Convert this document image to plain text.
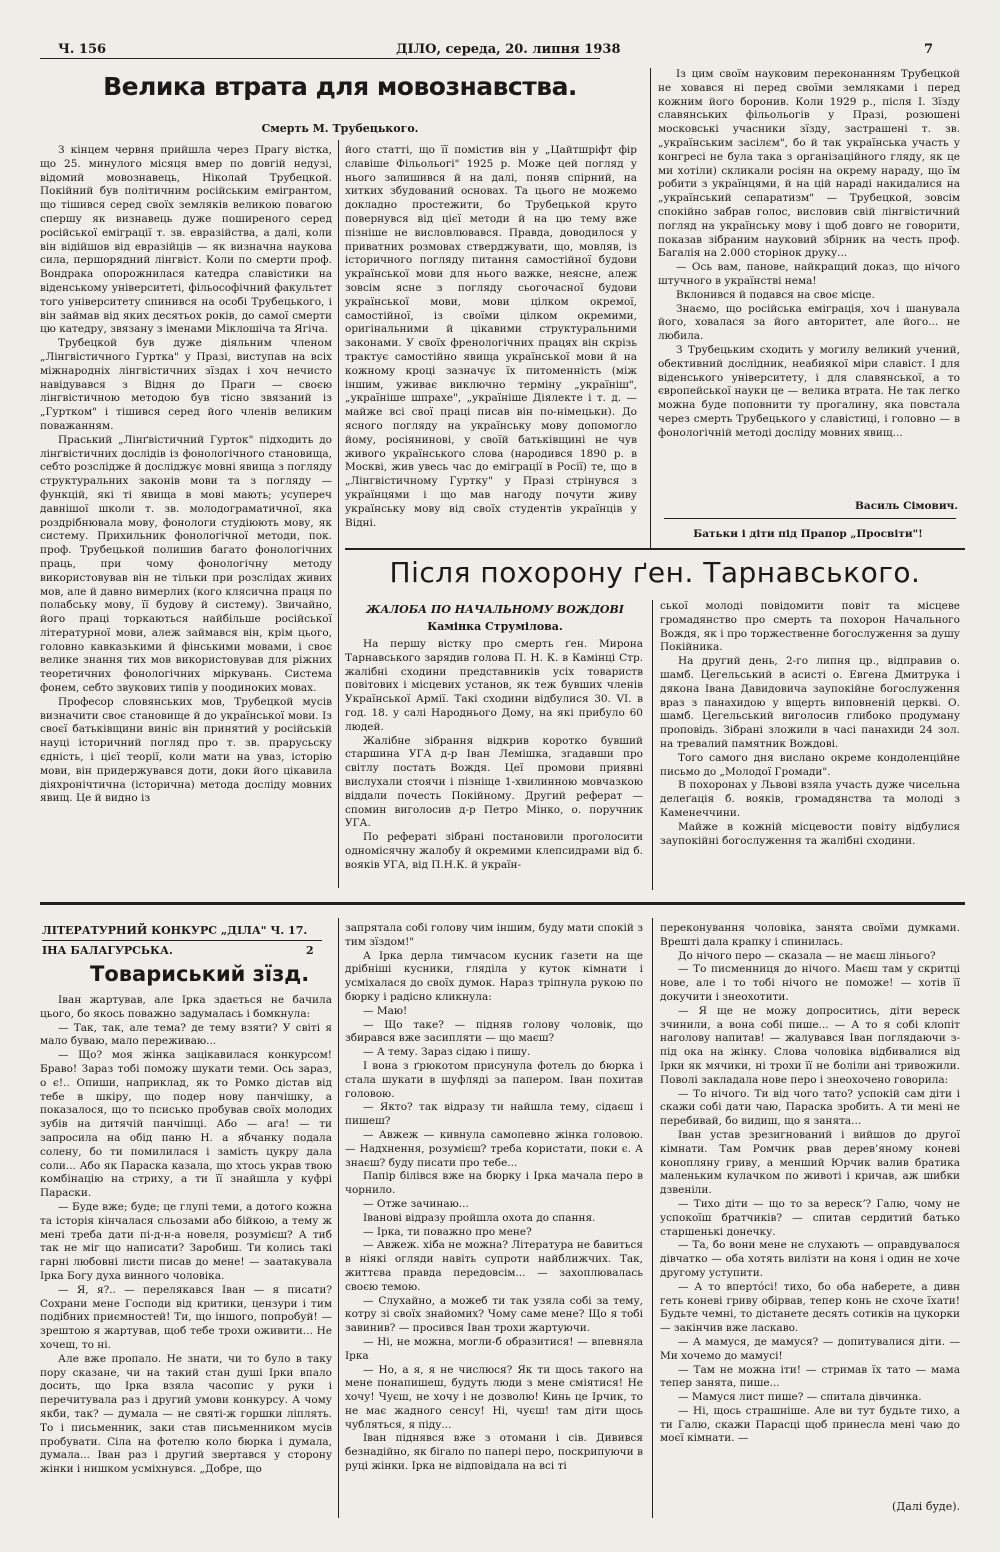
Ч. 156	ДІЛО, середа, 20. липня 1938	7
Велика втрата для мовознавства.
Смерть М. Трубецького.

З кінцем червня прийшла через Прагу вістка, що 25. минулого місяця вмер по довгій недузі, відомий мовознавець, Ніколай Трубецкой. Покійний був політичним російським емігрантом, що тішився серед своїх земляків великою повагою спершу як визнавець дуже поширеного серед російської еміграції т. зв. евразійства, а далі, коли він відійшов від евразійців — як визначна наукова сила, першорядний лінгвіст. Коли по смерти проф. Вондрака опорожнилася катедра славістики на віденському університеті, фільософічний факультет того університету спинився на особі Трубецького, і він займав від яких десятьох років, до самої смерти цю катедру, звязану з іменами Міклошіча та Ягіча.

Трубецкой був дуже діяльним членом „Лінгвістичного Гуртка" у Празі, виступав на всіх міжнародніх лінгвістичних зїздах і хоч нечисто навідувався з Відня до Праги — своєю лінгвістичною методою був тісно звязаний із „Гуртком" і тішився серед його членів великим поважанням.

Праський „Лінґвістичний Гурток" підходить до лінґвістичних дослідів із фонологічного становища, себто розслідже й досліджує мовні явища з погляду структуральних законів мови та з погляду — функцій, які ті явища в мові мають; усупереч давнішої школи т. зв. молодограматичної, яка роздрібнювала мову, фонологи студіюють мову, як систему. Прихильник фонологічної методи, пок. проф. Трубецькой полишив багато фонологічних праць, при чому фонологічну методу використовував він не тільки при розслідах живих мов, але й давно вимерлих (кого клясична праця по полабську мову, її будову й систему). Звичайно, його праці торкаються найбільше російської літературної мови, алеж займався він, крім цього, головно кавказькими й фінськими мовами, і своє велике знання тих мов використовував для ріжних теоретичних фонологічних міркувань. Система фонем, себто звукових типів у поодиноких мовах.

Професор словянських мов, Трубецкой мусів визначити своє становище й до української мови. Із своєї батьківщини виніс він принятий у російській науці історичний погляд про т. зв. прарусьску єдність, і цієї теорії, коли мати на уваз, історію мови, він придержувався доти, доки його цікавила діяхронічтична (історична) метода досліду мовних явищ. Це й видно із

його статті, що її помістив він у „Цайтшріфт фір славіше Фільольогі" 1925 р. Може цей погляд у нього залишився й на далі, поняв спірний, на хитких збудований основах. Та цього не можемо докладно простежити, бо Трубецькой круто повернувся від цієї методи й на цю тему вже пізніше не висловлювався. Правда, доводилося у приватних розмовах стверджувати, що, мовляв, із історичного погляду питання самостійної будови української мови для нього важке, неясне, алеж зовсім ясне з погляду сьогочасної будови української мови, мови цілком окремої, самостійної, із своїми цілком окремими, оригінальними й цікавими структуральними законами. У своїх френологічних працях він скрізь трактує самостійно явища української мови й на кожному кроці зазначує їх питоменність (між іншим, уживає виключно терміну „україніш", „україніше шпрахе", „україніше Діялекте і т. д. — майже всі свої праці писав він по-німецьки). До ясного погляду на українську мову допомогло йому, росіянинові, у своїй батьківщині не чув живого українського слова (народився 1890 р. в Москві, жив увесь час до еміграції в Росії) те, що в „Лінгвістичному Гуртку" у Празі стрінувся з українцями і що мав нагоду почути живу українську мову від своїх студентів українців у Відні.

Із цим своїм науковим переконанням Трубецкой не ховався ні перед своїми земляками і перед кожним його боронив. Коли 1929 р., після І. Зїзду славянських фільольогів у Празі, розюшені московські учасники зїзду, застрашені т. зв. „українським засілєм", бо й так українська участь у конгресі не була така з організаційного гляду, як це ми хотіли) скликали росіян на окрему нараду, що їм робити з українцями, й на цій нараді накидалися на „український сепаратизм" — Трубецкой, зовсім спокійно забрав голос, висловив свій лінгвістичний погляд на українську мову і щоб довго не говорити, показав зібраним науковий збірник на честь проф. Багалія на 2.000 сторінок друку...

— Ось вам, панове, найкращий доказ, що нічого штучного в українстві нема!

Вклонився й подався на своє місце.

Знаємо, що російська еміграція, хоч і шанувала його, ховалася за його авторитет, але його... не любила.

З Трубецьким сходить у могилу великий учений, обективний дослідник, неабиякої міри славіст. І для віденського університету, і для славянської, а то європейської науки це — велика втрата. Не так легко можна буде поповнити ту прогалину, яка повстала через смерть Трубецького у славістиці, і головно — в фонологічній методі досліду мовних явищ...

Василь Сімович.
Батьки і діти під Прапор „Просвіти"!
Після похорону ґен. Тарнавського.
ЖАЛОБА ПО НАЧАЛЬНОМУ ВОЖДОВІ
Камінка Струмілова.

На першу вістку про смерть ґен. Мирона Тарнавського зарядив голова П. Н. К. в Камінці Стр. жалібні сходини представників усіх товариств повітових і місцевих установ, як теж бувших членів Української Армії. Такі сходини відбулися 30. VI. в год. 18. у салі Народнього Дому, на які прибуло 60 людей.

Жалібне зібрання відкрив коротко бувший старшина УГА д-р Іван Лемішка, згадавши про світлу постать Вождя. Цеї промови приявні вислухали стоячи і пізніще 1-хвилинною мовчазкою віддали почесть Покійному. Другий реферат — спомин виголосив д-р Петро Мінко, о. поручник УГА.

По рефераті зібрані постановили проголосити одномісячну жалобу й окремими клепсидрами від б. вояків УГА, від П.Н.К. й україн-

ської молоді повідомити повіт та місцеве громадянство про смерть та похорон Начального Вождя, як і про торжественне богослуження за душу Покійника.

На другий день, 2-го липня цр., відправив о. шамб. Цегельський в асисті о. Евгена Дмитрука і дяконa Івана Давидовича заупокійне богослуження враз з панахидою у вщерть виповненій церкві. О. шамб. Цегельський виголосив глибоко продуману проповідь. Зібрані зложили в часі панахиди 24 зол. на тревалий памятник Вождові.

Того самого дня вислано окреме кондоленційне письмо до „Молодої Громади".

В похоронах у Львові взяла участь дуже чисельна делеґація б. вояків, громадянства та молоді з Каменеччини.

Майже в кожній місцевости повіту відбулися заупокійні богослуження та жалібні сходини.

ЛІТЕРАТУРНИЙ КОНКУРС „ДІЛА" Ч. 17.
ІНА БАЛАГУРСЬКА.	2
Товариський зїзд.

Іван жартував, але Ірка здається не бачила цього, бо якось поважно задумалась і бомкнула:

— Так, так, але тема? де тему взяти? У світі я мало буваю, мало переживаю...

— Що? моя жінка зацікавилася конкурсом! Браво! Зараз тобі поможу шукати теми. Ось зараз, о є!.. Опиши, наприклад, як то Ромко дістав від тебе в шкіру, що подер нову панчішку, а показалося, що то псисько пробував своїх молодих зубів на дитячій панчішці. Або — ага! — ти запросила на обід паню Н. а ябчанку подала солену, бо ти помилилася і замість цукру дала соли... Або як Параска казала, що хтось украв твою комбінацію на стриху, а ти її знайшла у куфрі Параски.

— Буде вже; буде; це глупі теми, а дотого кожна та історія кінчалася сльозами або бійкою, а тему ж мені треба дати пі-д-н-а новеля, розумієш? А тиб так не міг що написати? Заробиш. Ти колись такі гарні любовні листи писав до мене! — заатакувала Ірка Богу духа винного чоловіка.

— Я, я?.. — перелякався Іван — я писати? Сохрани мене Господи від критики, цензури і тим подібних приємностей! Ти, що іншого, попробуй! — зрештою я жартував, щоб тебе трохи оживити... Не хочеш, то ні.

Але вже пропало. Не знати, чи то було в таку пору сказане, чи на такий стан душі Ірки впало досить, що Ірка взяла часопис у руки і перечитувала раз і другий умови конкурсу. А чому якби, так? — думала — не святі-ж горшки ліплять. То і письменник, заки став письменником мусів пробувати. Сіла на фотелю коло бюрка і думала, думала... Іван раз і другий звертався у сторону жінки і нишком усміхнувся. „Добре, що

запряталa собі голову чим іншим, буду мати спокій з тим зїздом!"

А Ірка дерла тимчасом кусник ґазети на ще дрібніші кусники, гляділа у куток кімнати і усміхалася до своїх думок. Нараз тріпнула рукою по бюрку і радісно кликнула:

— Маю!

— Що таке? — підняв голову чоловік, що збирався вже засипляти — що маєш?

— А тему. Зараз сідаю і пишу.

І вона з ґрюкотом присунула фотель до бюрка і стала шукати в шуфляді за папером. Іван похитав головою.

— Якто? так відразу ти найшла тему, сідаєш і пишеш?

— Авжеж — кивнула самопевно жінка головою. — Надхнення, розумієш? треба користати, поки є. А знаєш? буду писати про тебе...

Папір білівся вже на бюрку і Ірка мачала перо в чорнило.

— Отже зачинаю...

Іванові відразу пройшла охота до спання.

— Ірка, ти поважно про мене?

— Авжеж. хіба не можна? Література не бавиться в ніякі огляди навіть супроти найближчих. Так, життєва правда передовсім... — захоплювалась своєю темою.

— Слухайно, а можеб ти так узяла собі за тему, котру зі своїх знайомих? Чому саме мене? Що я тобі завинив? — просився Іван трохи жартуючи.

— Ні, не можна, могли-б образитися! — впевняла Ірка

— Но, а я, я не числюся? Як ти щось такого на мене понапишеш, будуть люди з мене сміятися! Не хочу! Чуєш, не хочу і не дозволю! Кинь це Ірчик, то не має жадного сенсу! Ні, чуєш! там діти щось чубляться, я піду...

Іван піднявся вже з отомани і сів. Дивився безнадійно, як бігало по папері перо, поскрипуючи в руці жінки. Ірка не відповідала на всі ті

переконування чоловіка, занята своїми думками. Врешті дала крапку і спинилась.

До нічого перо — сказала — не маєш лінього?

— То писменниця до нічого. Маєш там у скритці нове, але і то тобі нічого не поможе! — хотів її докучити і знеохотити.

— Я ще не можу допроситись, діти вереск зчинили, а вона собі пише... — А то я собі клопіт наголову напитав! — жалувався Іван поглядаючи з-під ока на жінку. Слова чоловіка відбивалися від Ірки як мячики, ні трохи її не боліли ані тривожили. Поволі закладала нове перо і знеохочено говорила:

— То нічого. Ти від чого тато? успокій сам діти і скажи собі дати чаю, Параска зробить. А ти мені не перебивай, бо видиш, що я занята...

Іван устав зрезигнований і вийшов до другої кімнати. Там Ромчик рвав дерев’яному коневі конопляну гриву, а менший Юрчик валив братика маленьким кулачком по животі і кричав, аж шибки дзвеніли.

— Тихо діти — що то за верескʼ? Галю, чому не успокоїш братчиків? — спитав сердитий батько старшенькі донечку.

— Та, бо вони мене не слухають — оправдувалося дівчатко — оба хотять вилізти на коня і один не хоче другому уступити.

— А то вперто́сі! тихо, бо оба наберете, а дивн геть коневі гриву обірвав, тепер конь не схоче їхати! Будьте чемні, то дістанете десять сотиків на цукорки — закінчив вже ласкаво.

— А мамуся, де мамуся? — допитувалися діти. — Ми хочемо до мамусі!

— Там не можна іти! — стримав їх тато — мама тепер занята, пише...

— Мамуся лист пише? — спитала дівчинка.

— Ні, щось страшніше. Але ви тут будьте тихо, а ти Галю, скажи Парасці щоб принесла мені чаю до моєї кімнати. —

(Далі буде).
